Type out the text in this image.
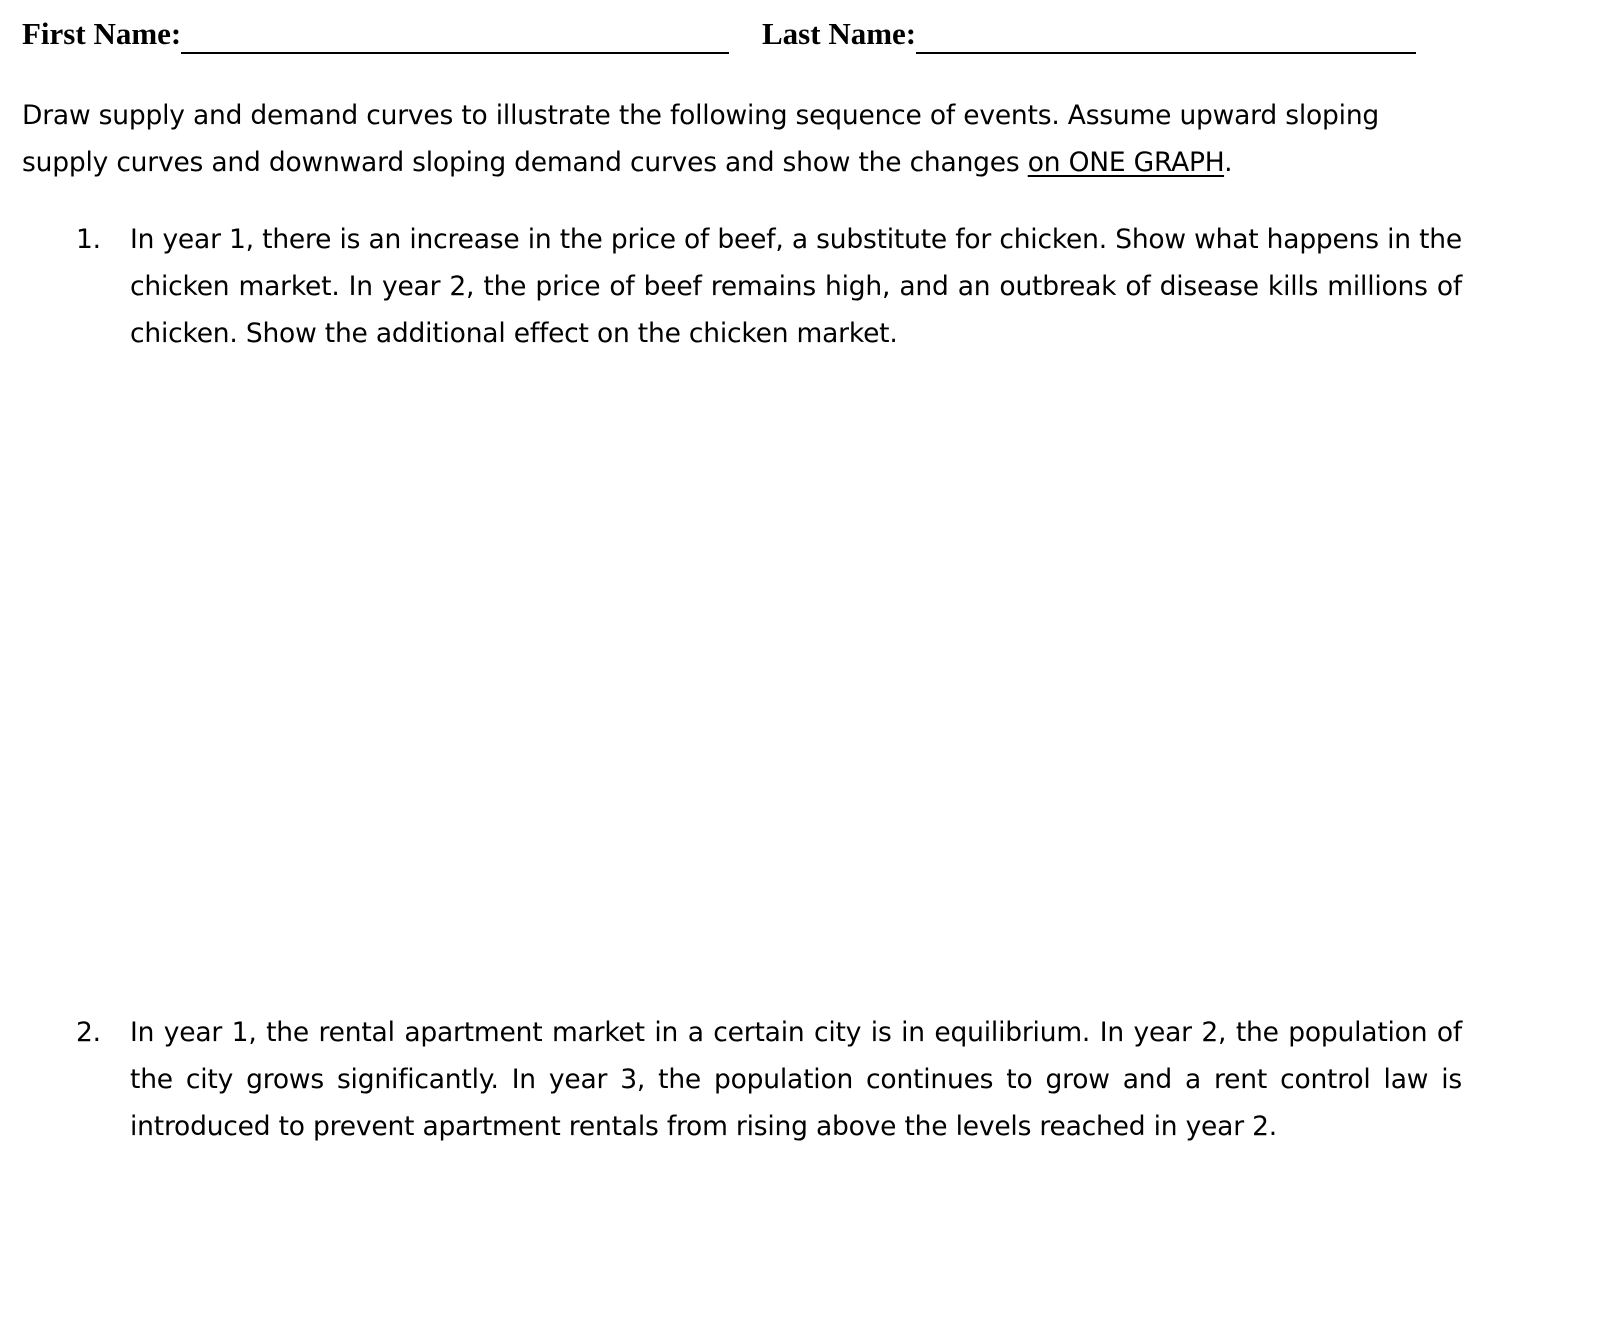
First Name:	Last Name:
Draw supply and demand curves to illustrate the following sequence of events. Assume upward sloping supply curves and downward sloping demand curves and show the changes on ONE GRAPH.
1.	In year 1, there is an increase in the price of beef, a substitute for chicken. Show what happens in the chicken market. In year 2, the price of beef remains high, and an outbreak of disease kills millions of chicken. Show the additional effect on the chicken market.
2.	In year 1, the rental apartment market in a certain city is in equilibrium. In year 2, the population of the city grows significantly. In year 3, the population continues to grow and a rent control law is introduced to prevent apartment rentals from rising above the levels reached in year 2.
